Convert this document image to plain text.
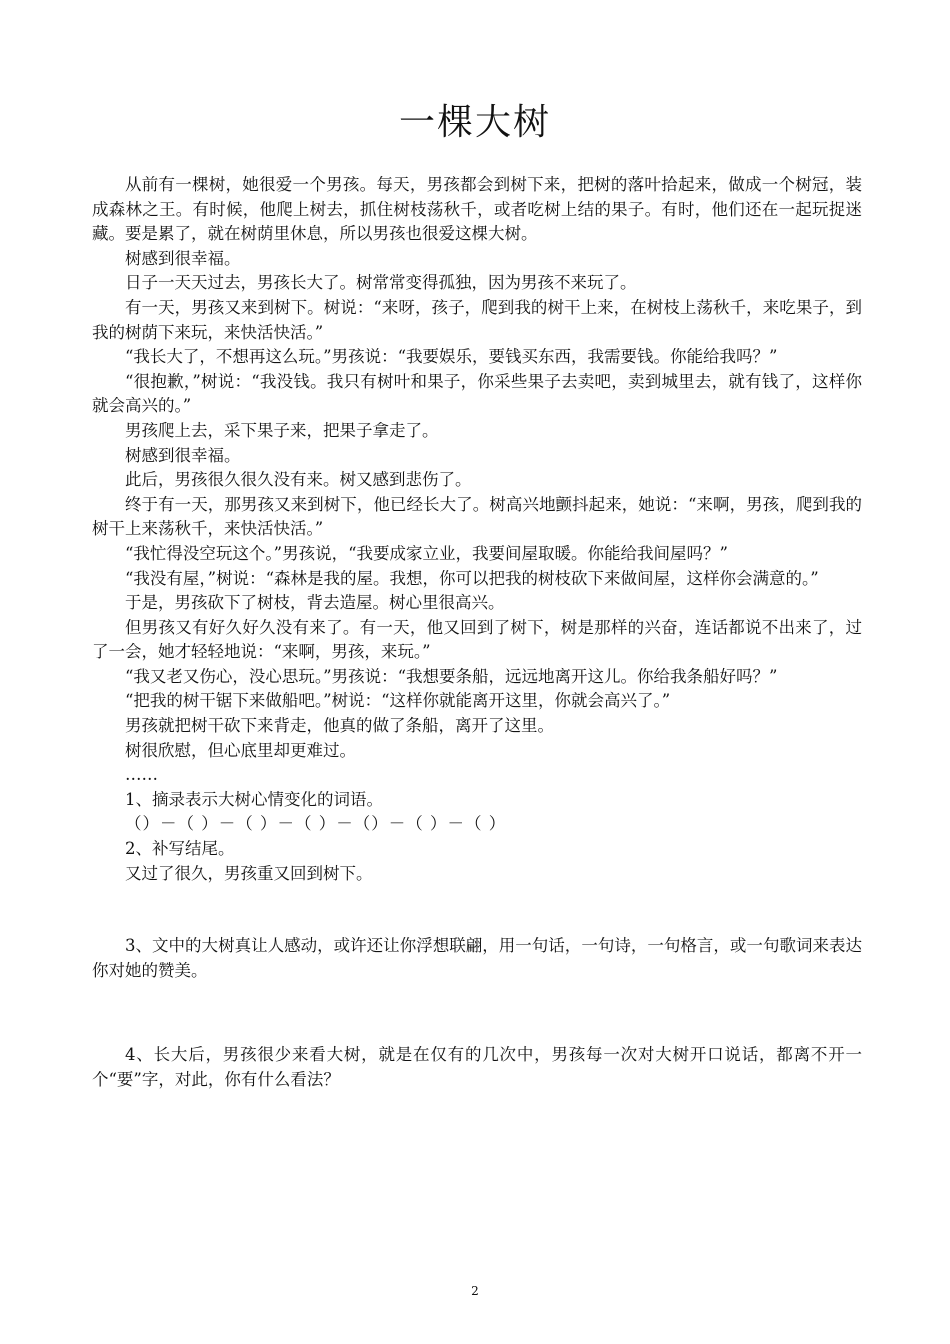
一棵大树

从前有一棵树，她很爱一个男孩。每天，男孩都会到树下来，把树的落叶拾起来，做成一个树冠，装成森林之王。有时候，他爬上树去，抓住树枝荡秋千，或者吃树上结的果子。有时，他们还在一起玩捉迷藏。要是累了，就在树荫里休息，所以男孩也很爱这棵大树。

树感到很幸福。

日子一天天过去，男孩长大了。树常常变得孤独，因为男孩不来玩了。

有一天，男孩又来到树下。树说：“来呀，孩子，爬到我的树干上来，在树枝上荡秋千，来吃果子，到我的树荫下来玩，来快活快活。”

“我长大了，不想再这么玩。”男孩说：“我要娱乐，要钱买东西，我需要钱。你能给我吗？”

“很抱歉，”树说：“我没钱。我只有树叶和果子，你采些果子去卖吧，卖到城里去，就有钱了，这样你就会高兴的。”

男孩爬上去，采下果子来，把果子拿走了。

树感到很幸福。

此后，男孩很久很久没有来。树又感到悲伤了。

终于有一天，那男孩又来到树下，他已经长大了。树高兴地颤抖起来，她说：“来啊，男孩，爬到我的树干上来荡秋千，来快活快活。”

“我忙得没空玩这个。”男孩说，“我要成家立业，我要间屋取暖。你能给我间屋吗？”

“我没有屋，”树说：“森林是我的屋。我想，你可以把我的树枝砍下来做间屋，这样你会满意的。”

于是，男孩砍下了树枝，背去造屋。树心里很高兴。

但男孩又有好久好久没有来了。有一天，他又回到了树下，树是那样的兴奋，连话都说不出来了，过了一会，她才轻轻地说：“来啊，男孩，来玩。”

“我又老又伤心，没心思玩。”男孩说：“我想要条船，远远地离开这儿。你给我条船好吗？”

“把我的树干锯下来做船吧。”树说：“这样你就能离开这里，你就会高兴了。”

男孩就把树干砍下来背走，他真的做了条船，离开了这里。

树很欣慰，但心底里却更难过。

……

1、摘录表示大树心情变化的词语。

（）－（ ）－（ ）－（ ）－（）－（ ）－（ ）

2、补写结尾。

又过了很久，男孩重又回到树下。

3、文中的大树真让人感动，或许还让你浮想联翩，用一句话，一句诗，一句格言，或一句歌词来表达你对她的赞美。

4、长大后，男孩很少来看大树，就是在仅有的几次中，男孩每一次对大树开口说话，都离不开一个“要”字，对此，你有什么看法？

2
